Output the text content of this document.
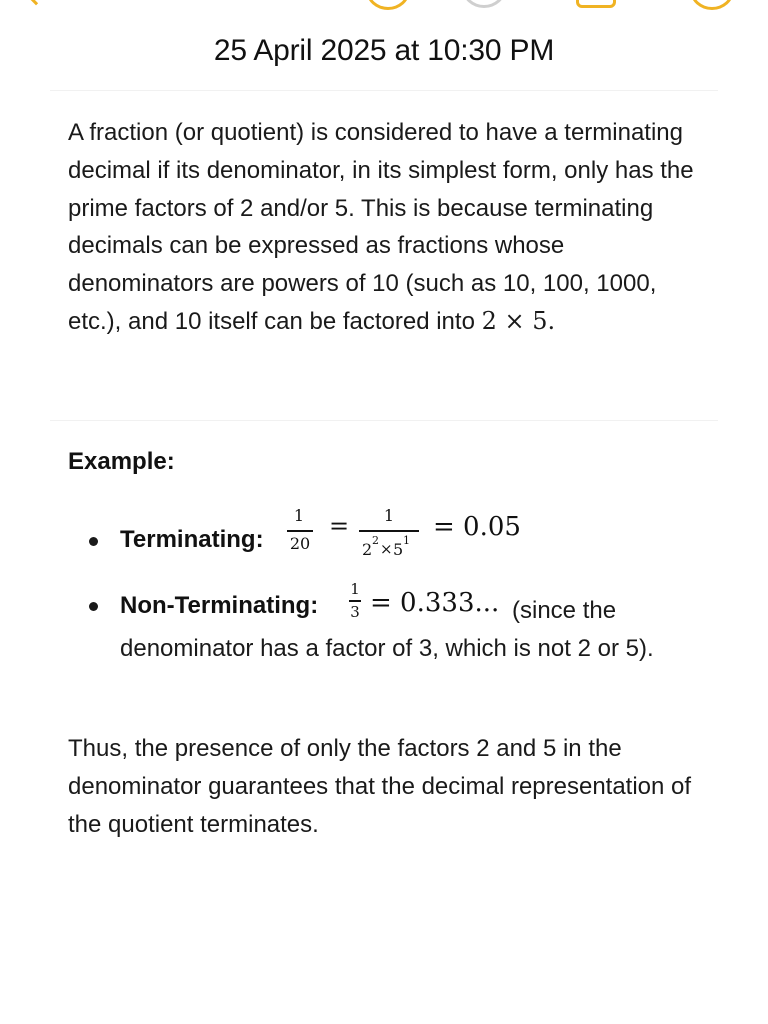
25 April 2025 at 10:30 PM
A fraction (or quotient) is considered to have a terminating decimal if its denominator, in its simplest form, only has the prime factors of 2 and/or 5. This is because terminating decimals can be expressed as fractions whose denominators are powers of 10 (such as 10, 100, 1000, etc.), and 10 itself can be factored into 2 × 5.
Example:
Terminating:
1
20
= 1
2 2 × 5 1 = 0.05
(since the denominator has a factor of 3, which is not 2 or 5).
Non-Terminating:
1
3 = 0.333...
Thus, the presence of only the factors 2 and 5 in the denominator guarantees that the decimal representation of the quotient terminates.
